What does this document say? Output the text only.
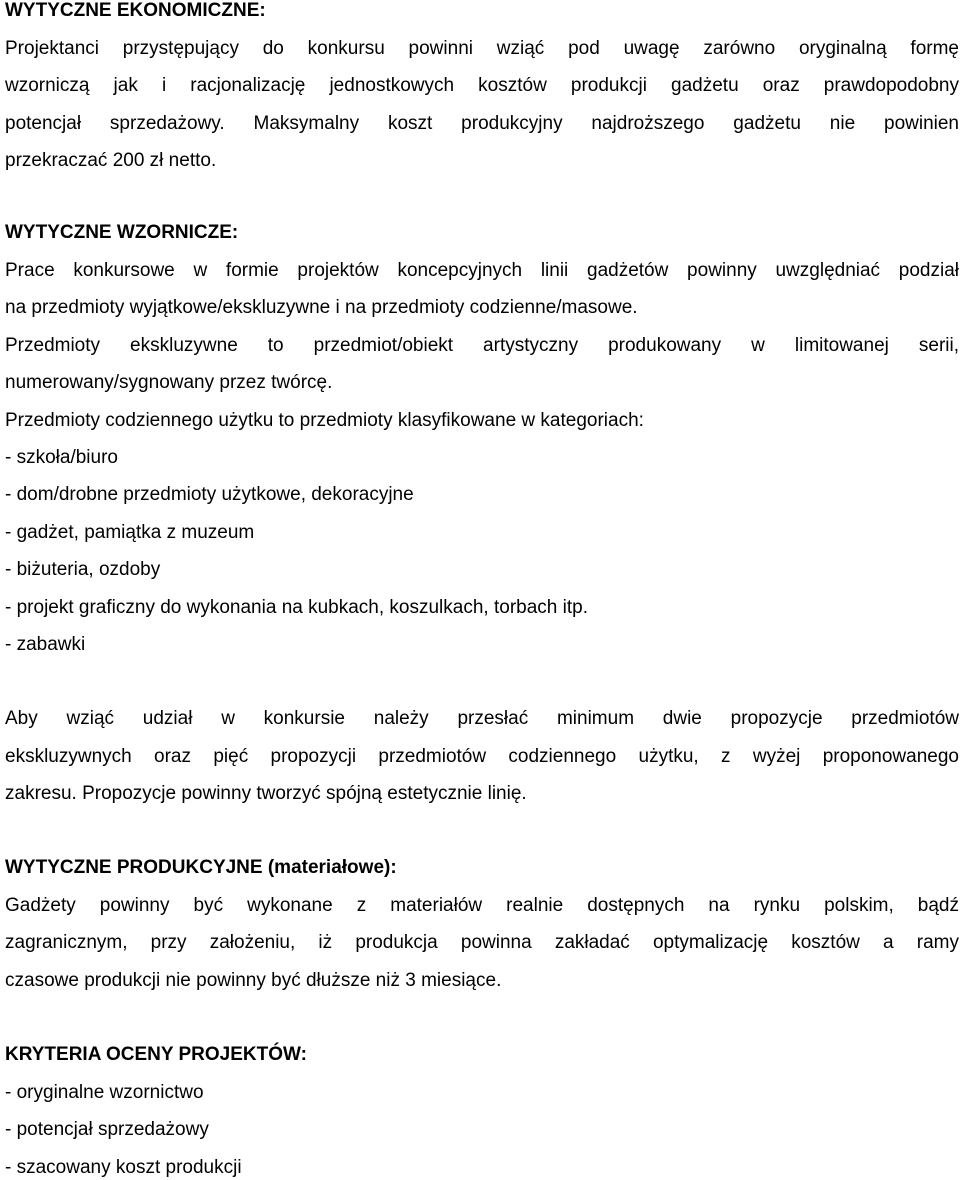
WYTYCZNE EKONOMICZNE:
Projektanci przystępujący do konkursu powinni wziąć pod uwagę zarówno oryginalną formę
wzorniczą jak i racjonalizację jednostkowych kosztów produkcji gadżetu oraz prawdopodobny
potencjał sprzedażowy. Maksymalny koszt produkcyjny najdroższego gadżetu nie powinien
przekraczać 200 zł netto.
WYTYCZNE WZORNICZE:
Prace konkursowe w formie projektów koncepcyjnych linii gadżetów powinny uwzględniać podział
na przedmioty wyjątkowe/ekskluzywne i na przedmioty codzienne/masowe.
Przedmioty ekskluzywne to przedmiot/obiekt artystyczny produkowany w limitowanej serii,
numerowany/sygnowany przez twórcę.
Przedmioty codziennego użytku to przedmioty klasyfikowane w kategoriach:
- szkoła/biuro
- dom/drobne przedmioty użytkowe, dekoracyjne
- gadżet, pamiątka z muzeum
- biżuteria, ozdoby
- projekt graficzny do wykonania na kubkach, koszulkach, torbach itp.
- zabawki
Aby wziąć udział w konkursie należy przesłać minimum dwie propozycje przedmiotów
ekskluzywnych oraz pięć propozycji przedmiotów codziennego użytku, z wyżej proponowanego
zakresu. Propozycje powinny tworzyć spójną estetycznie linię.
WYTYCZNE PRODUKCYJNE (materiałowe):
Gadżety powinny być wykonane z materiałów realnie dostępnych na rynku polskim, bądź
zagranicznym, przy założeniu, iż produkcja powinna zakładać optymalizację kosztów a ramy
czasowe produkcji nie powinny być dłuższe niż 3 miesiące.
KRYTERIA OCENY PROJEKTÓW:
- oryginalne wzornictwo
- potencjał sprzedażowy
- szacowany koszt produkcji
